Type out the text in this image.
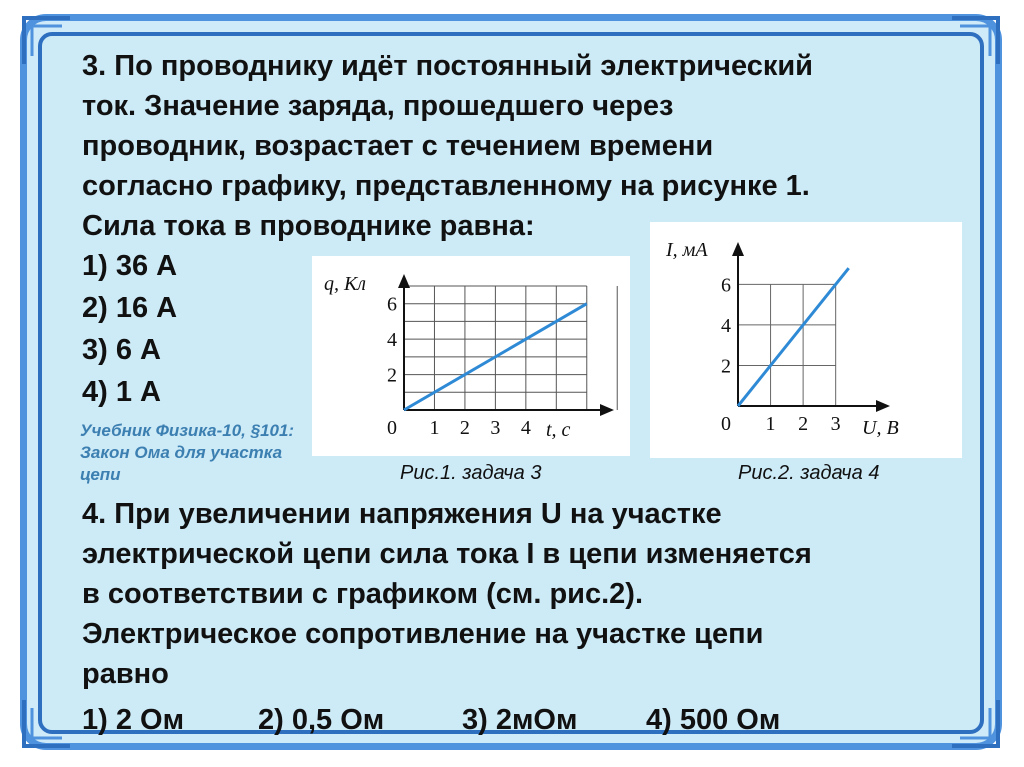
3. По проводнику идёт постоянный электрический
ток. Значение заряда, прошедшего через
проводник, возрастает с течением времени
согласно графику, представленному на рисунке 1.
Сила тока в проводнике равна:
1) 36 А
2) 16 А
3) 6 А
4) 1 А
Учебник Физика-10, §101:
Закон Ома для участка
цепи
1 2 3 4
2
4
6
0	t, с
q, Кл
Рис.1. задача 3
1 2 3
2
4
6
0	U, В
I, мА
Рис.2. задача 4
4. При увеличении напряжения U на участке
электрической цепи сила тока I в цепи изменяется
в соответствии с графиком (см. рис.2).
Электрическое сопротивление на участке цепи
равно
1) 2 Ом	2) 0,5 Ом	3) 2мОм 4) 500 Ом
